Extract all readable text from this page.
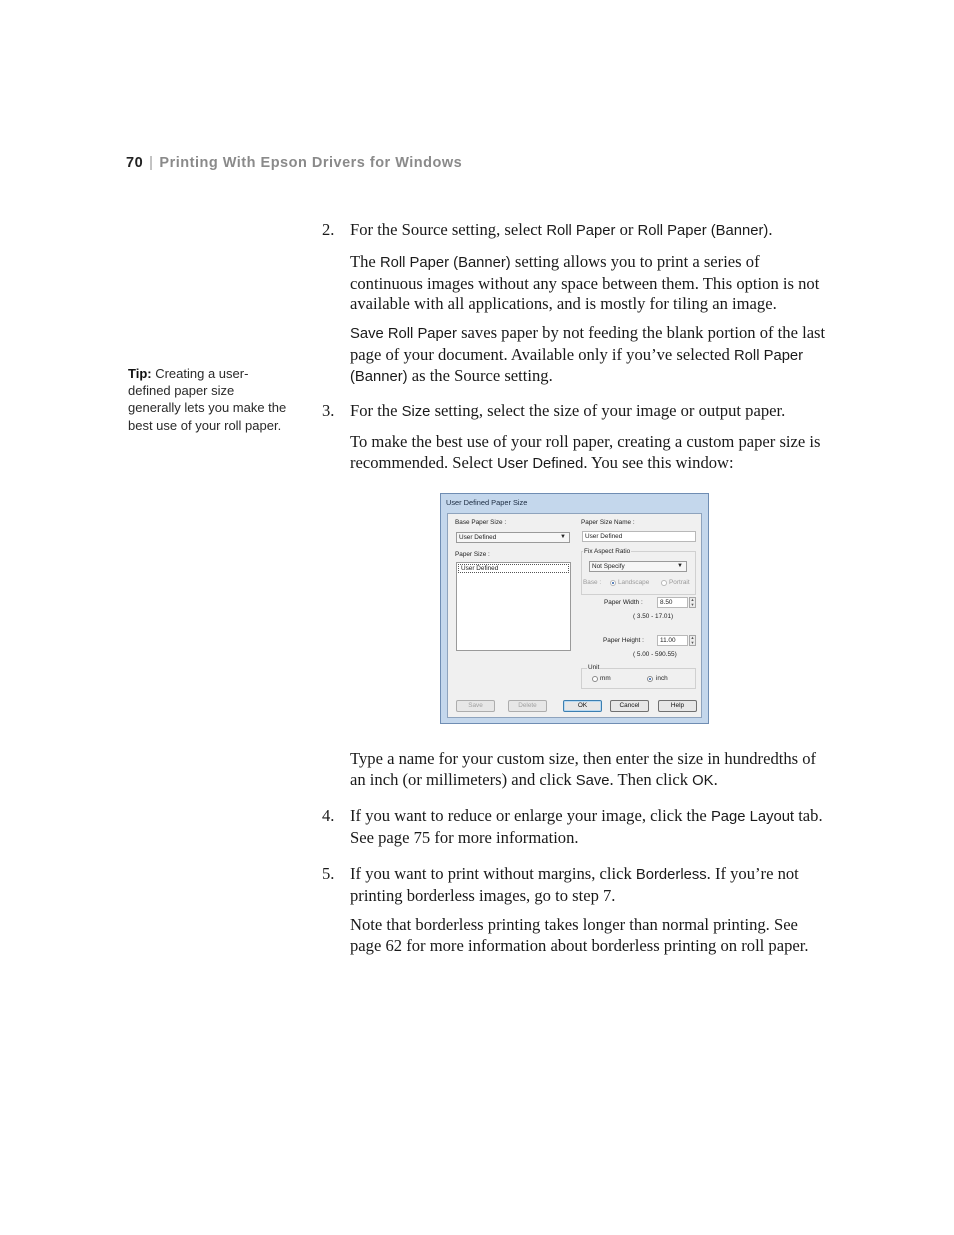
70 | Printing With Epson Drivers for Windows
Tip: Creating a user-defined paper size generally lets you make the best use of your roll paper.
2. For the Source setting, select Roll Paper or Roll Paper (Banner).
The Roll Paper (Banner) setting allows you to print a series of continuous images without any space between them. This option is not available with all applications, and is mostly for tiling an image.
Save Roll Paper saves paper by not feeding the blank portion of the last page of your document. Available only if you’ve selected Roll Paper (Banner) as the Source setting.
3. For the Size setting, select the size of your image or output paper.
To make the best use of your roll paper, creating a custom paper size is recommended. Select User Defined. You see this window:
User Defined Paper Size
Base Paper Size :
User Defined	▼
Paper Size :
User Defined
Paper Size Name :
User Defined
Fix Aspect Ratio
Not Specify	▼
Base :	Landscape	Portrait
Paper Width :	8.50	▲
▼
( 3.50 - 17.01)
Paper Height :	11.00	▲
▼
( 5.00 - 590.55)
Unit
mm	inch
Save	Delete	OK	Cancel	Help
Type a name for your custom size, then enter the size in hundredths of an inch (or millimeters) and click Save. Then click OK.
4. If you want to reduce or enlarge your image, click the Page Layout tab. See page 75 for more information.
5. If you want to print without margins, click Borderless. If you’re not printing borderless images, go to step 7.
Note that borderless printing takes longer than normal printing. See page 62 for more information about borderless printing on roll paper.
